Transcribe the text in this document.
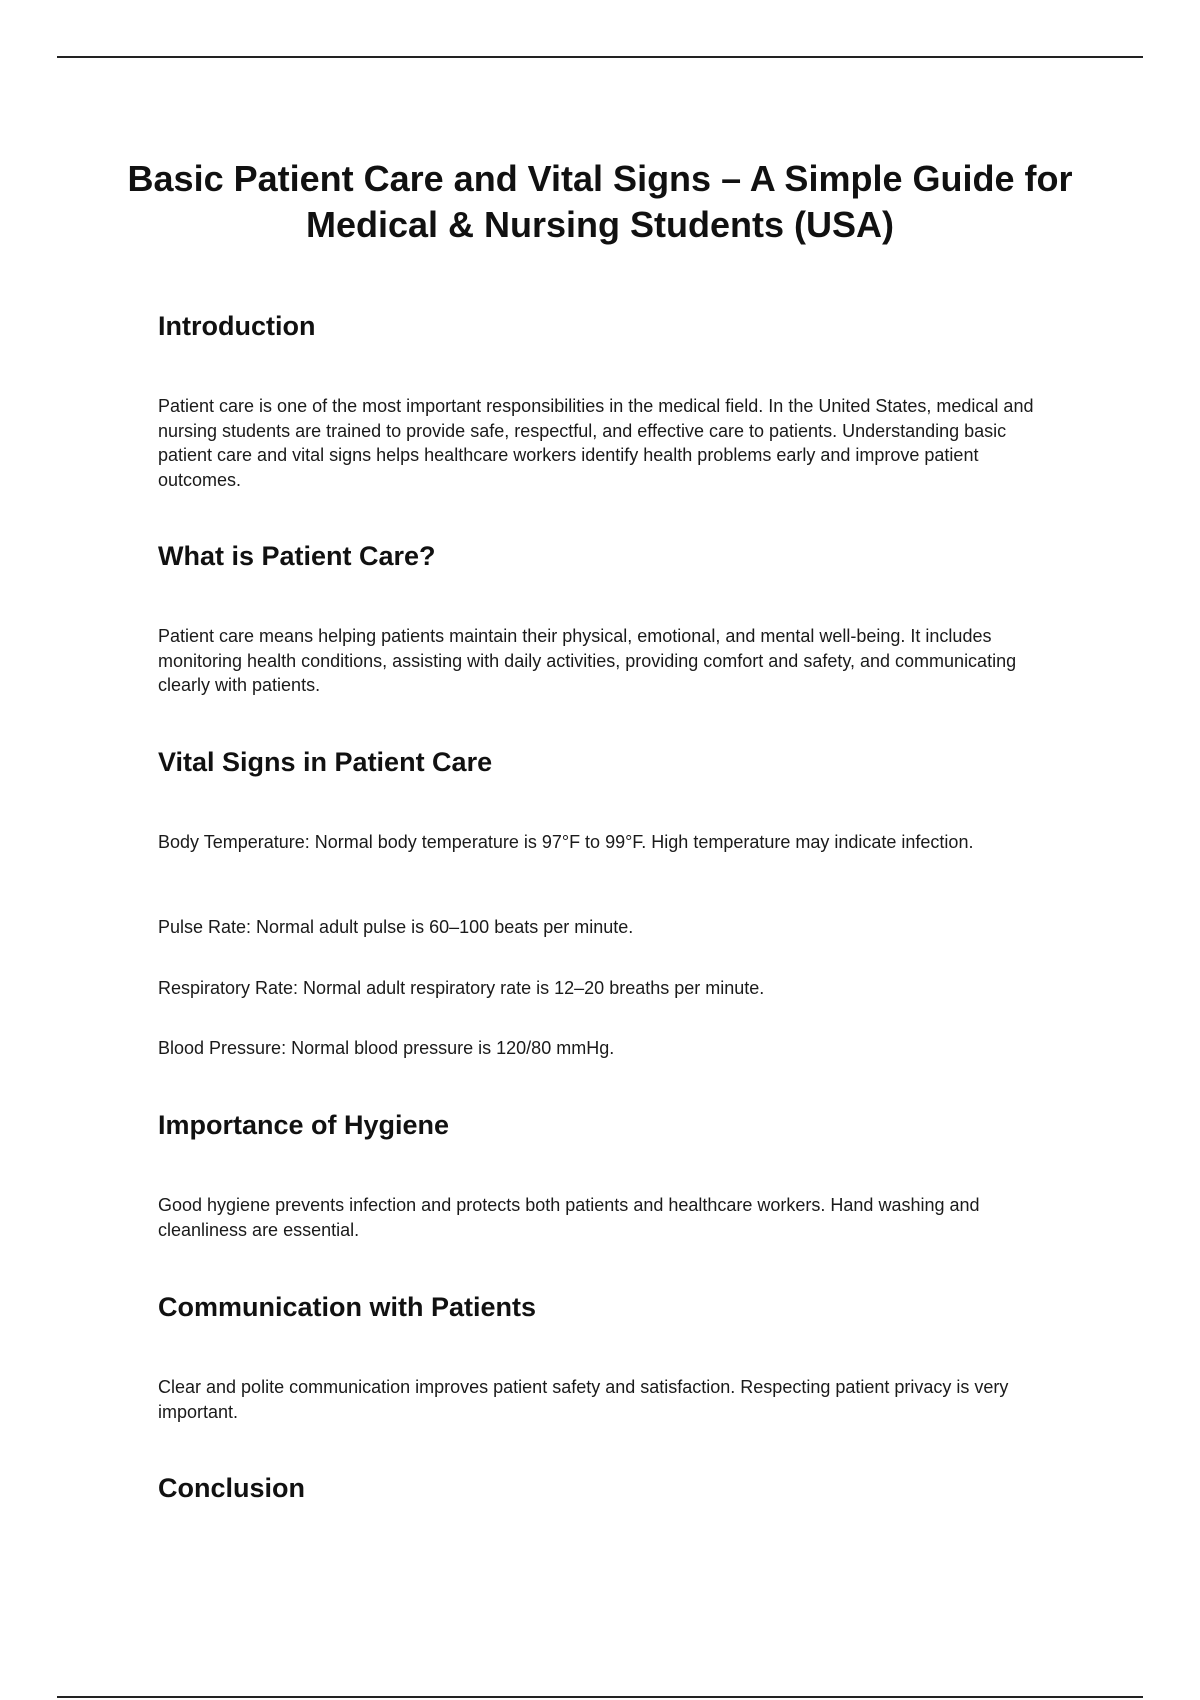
Basic Patient Care and Vital Signs – A Simple Guide for Medical & Nursing Students (USA)
Introduction

Patient care is one of the most important responsibilities in the medical field. In the United States, medical and nursing students are trained to provide safe, respectful, and effective care to patients. Understanding basic patient care and vital signs helps healthcare workers identify health problems early and improve patient outcomes.

What is Patient Care?

Patient care means helping patients maintain their physical, emotional, and mental well-being. It includes monitoring health conditions, assisting with daily activities, providing comfort and safety, and communicating clearly with patients.

Vital Signs in Patient Care

Body Temperature: Normal body temperature is 97°F to 99°F. High temperature may indicate infection.

Pulse Rate: Normal adult pulse is 60–100 beats per minute.

Respiratory Rate: Normal adult respiratory rate is 12–20 breaths per minute.

Blood Pressure: Normal blood pressure is 120/80 mmHg.

Importance of Hygiene

Good hygiene prevents infection and protects both patients and healthcare workers. Hand washing and cleanliness are essential.

Communication with Patients

Clear and polite communication improves patient safety and satisfaction. Respecting patient privacy is very important.

Conclusion
